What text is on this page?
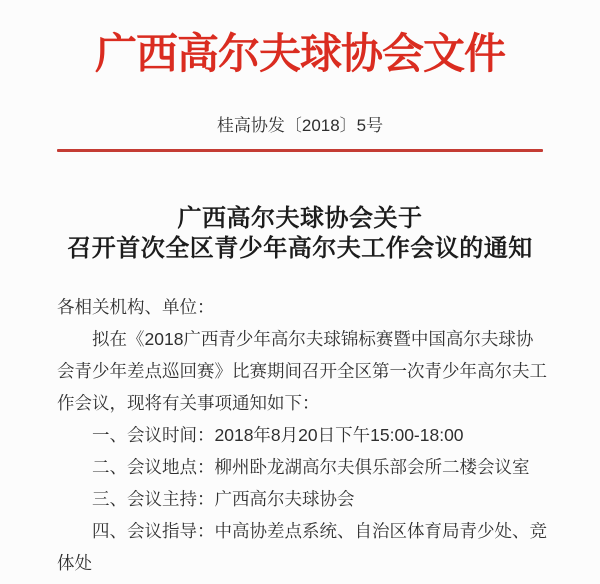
广西高尔夫球协会文件
桂高协发〔2018〕5号
广西高尔夫球协会关于
召开首次全区青少年高尔夫工作会议的通知
各相关机构、单位：
拟在《2018广西青少年高尔夫球锦标赛暨中国高尔夫球协
会青少年差点巡回赛》比赛期间召开全区第一次青少年高尔夫工
作会议，现将有关事项通知如下：
一、会议时间：2018年8月20日下午15:00-18:00
二、会议地点：柳州卧龙湖高尔夫俱乐部会所二楼会议室
三、会议主持：广西高尔夫球协会
四、会议指导：中高协差点系统、自治区体育局青少处、竞
体处
